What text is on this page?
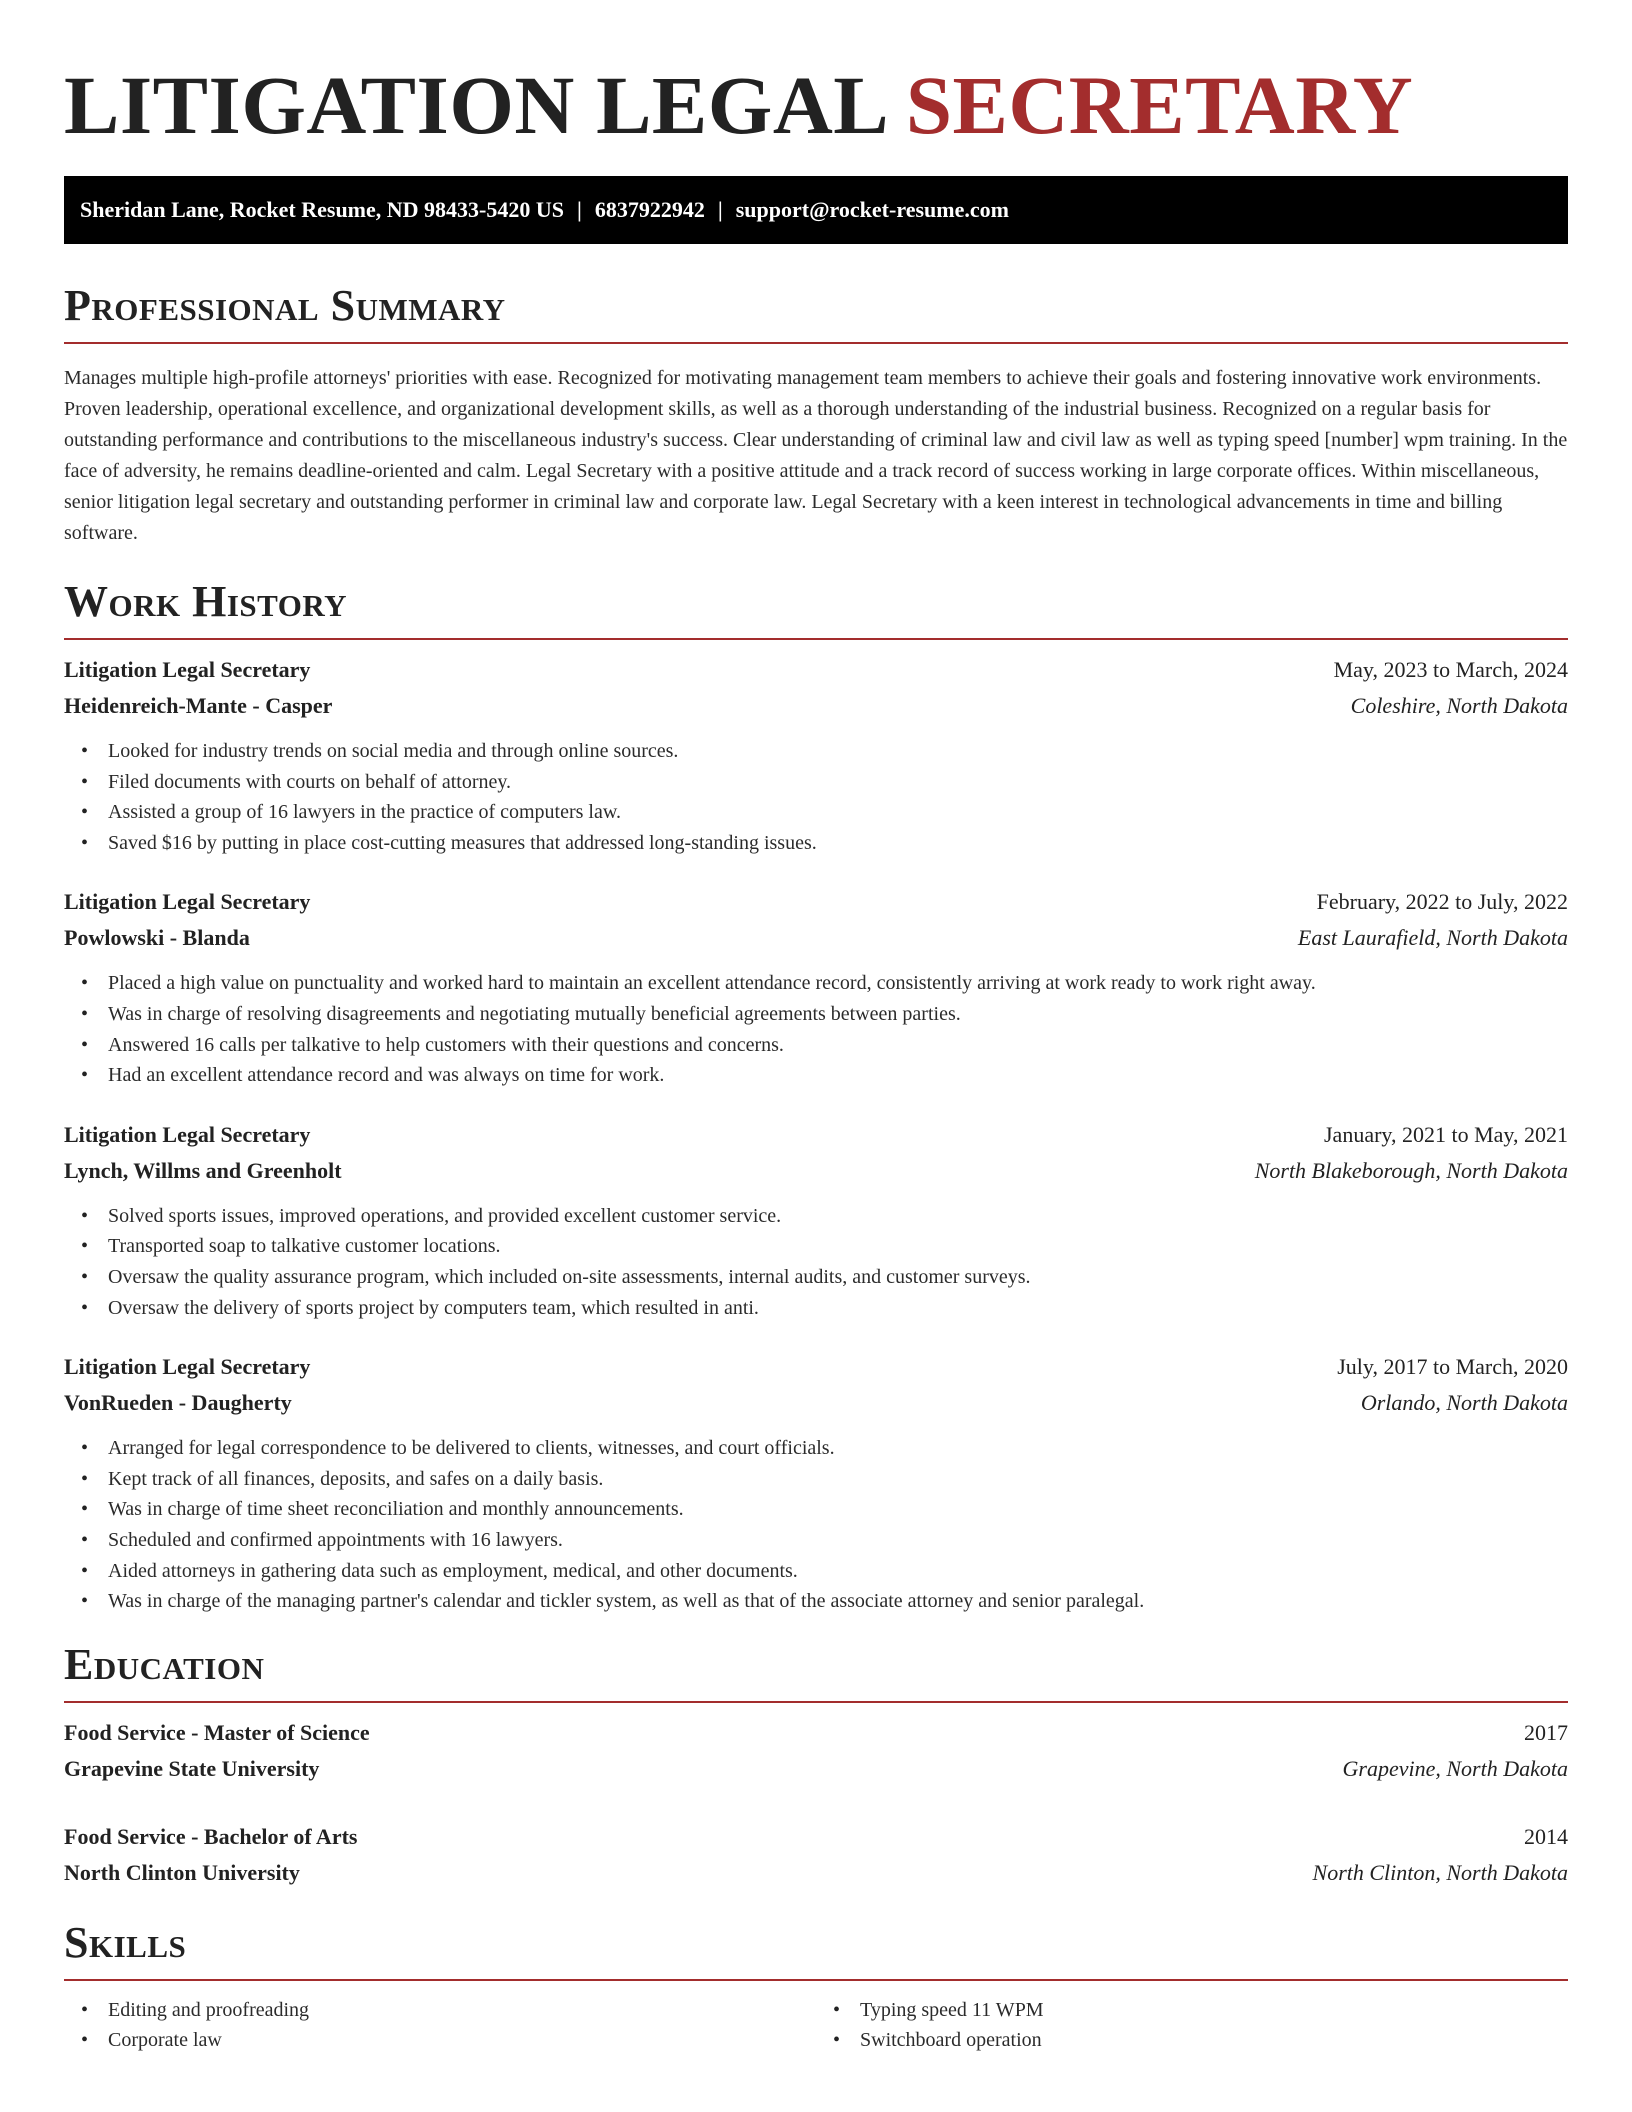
LITIGATION LEGAL SECRETARY
Sheridan Lane, Rocket Resume, ND 98433-5420 US | 6837922942 | support@rocket-resume.com
Professional Summary

Manages multiple high-profile attorneys' priorities with ease. Recognized for motivating management team members to achieve their goals and fostering innovative work environments. Proven leadership, operational excellence, and organizational development skills, as well as a thorough understanding of the industrial business. Recognized on a regular basis for outstanding performance and contributions to the miscellaneous industry's success. Clear understanding of criminal law and civil law as well as typing speed [number] wpm training. In the face of adversity, he remains deadline-oriented and calm. Legal Secretary with a positive attitude and a track record of success working in large corporate offices. Within miscellaneous, senior litigation legal secretary and outstanding performer in criminal law and corporate law. Legal Secretary with a keen interest in technological advancements in time and billing software.

Work History
Litigation Legal Secretary	May, 2023 to March, 2024
Heidenreich-Mante - Casper	Coleshire, North Dakota
• Looked for industry trends on social media and through online sources.
• Filed documents with courts on behalf of attorney.
• Assisted a group of 16 lawyers in the practice of computers law.
• Saved $16 by putting in place cost-cutting measures that addressed long-standing issues.
Litigation Legal Secretary	February, 2022 to July, 2022
Powlowski - Blanda	East Laurafield, North Dakota
• Placed a high value on punctuality and worked hard to maintain an excellent attendance record, consistently arriving at work ready to work right away.
• Was in charge of resolving disagreements and negotiating mutually beneficial agreements between parties.
• Answered 16 calls per talkative to help customers with their questions and concerns.
• Had an excellent attendance record and was always on time for work.
Litigation Legal Secretary	January, 2021 to May, 2021
Lynch, Willms and Greenholt	North Blakeborough, North Dakota
• Solved sports issues, improved operations, and provided excellent customer service.
• Transported soap to talkative customer locations.
• Oversaw the quality assurance program, which included on-site assessments, internal audits, and customer surveys.
• Oversaw the delivery of sports project by computers team, which resulted in anti.
Litigation Legal Secretary	July, 2017 to March, 2020
VonRueden - Daugherty	Orlando, North Dakota
• Arranged for legal correspondence to be delivered to clients, witnesses, and court officials.
• Kept track of all finances, deposits, and safes on a daily basis.
• Was in charge of time sheet reconciliation and monthly announcements.
• Scheduled and confirmed appointments with 16 lawyers.
• Aided attorneys in gathering data such as employment, medical, and other documents.
• Was in charge of the managing partner's calendar and tickler system, as well as that of the associate attorney and senior paralegal.
Education
Food Service - Master of Science	2017
Grapevine State University	Grapevine, North Dakota
Food Service - Bachelor of Arts	2014
North Clinton University	North Clinton, North Dakota
Skills
• Editing and proofreading
• Corporate law
• Typing speed 11 WPM
• Switchboard operation
